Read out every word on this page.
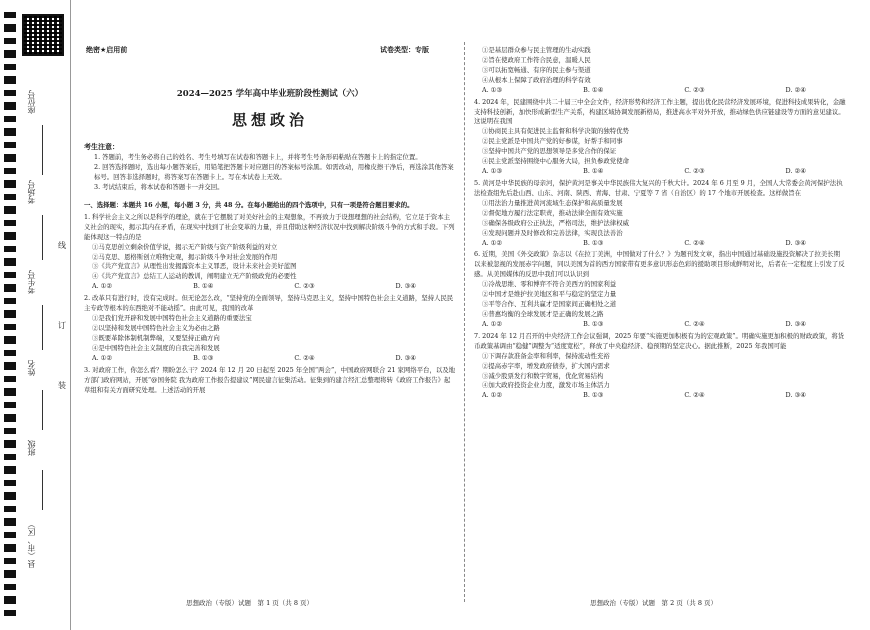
座位号
考场号
考生号
姓名
班级
县（市、区）
线
订
装
绝密★启用前	试卷类型：专版
2024—2025 学年高中毕业班阶段性测试（六）
思想政治
考生注意：
1. 答题前，考生务必将自己的姓名、考生号填写在试卷和答题卡上，并将考生号条形码粘贴在答题卡上的指定位置。
2. 回答选择题时，选出每小题答案后，用铅笔把答题卡对应题目的答案标号涂黑。如需改动，用橡皮擦干净后，再选涂其他答案标号。回答非选择题时，将答案写在答题卡上。写在本试卷上无效。
3. 考试结束后，将本试卷和答题卡一并交回。
一、选择题：本题共 16 小题，每小题 3 分，共 48 分。在每小题给出的四个选项中，只有一项是符合题目要求的。
1. 科学社会主义之所以是科学的理论，就在于它摆脱了对美好社会的主观想象，不再致力于设想理想的社会结构，它立足于资本主义社会的现实，揭示其内在矛盾，在现实中找到了社会变革的力量，并且借助这种经济状况中找到解决阶级斗争的方式和手段。下列能体现这一特点的是
①马克思创立剩余价值学说，揭示无产阶级与资产阶级利益的对立
②马克思、恩格斯创立唯物史观，揭示阶级斗争对社会发展的作用
③《共产党宣言》从理性出发揭露资本主义罪恶，设计未来社会美好蓝图
④《共产党宣言》总结工人运动的教训，阐明建立无产阶级政党的必要性
A. ①②	B. ①④	C. ②③	D. ③④
2. 改革只有进行时，没有完成时。但无论怎么改，“坚持党的全面领导，坚持马克思主义，坚持中国特色社会主义道路，坚持人民民主专政等根本的东西绝对不能动摇”。由此可见，我国的改革
①是我们党开辟和发展中国特色社会主义道路的重要法宝
②以坚持和发展中国特色社会主义为必由之路
③既要革除体制机制弊端，又要坚持正确方向
④是中国特色社会主义制度的自我完善和发展
A. ①②	B. ①③	C. ②④	D. ③④
3. 对政府工作，你怎么看？期盼怎么干？2024 年 12 月 20 日起至 2025 年全国“两会”，中国政府网联合 21 家网络平台，以及地方部门政府网站，开展“@国务院 我为政府工作报告提建议”网民建言征集活动。征集到的建言经汇总整理将转《政府工作报告》起草组和有关方面研究处理。上述活动的开展
①是基层群众参与民主管理的生动实践
②旨在使政府工作符合民意，温暖人民
③可以拓宽畅通、有序的民主参与渠道
④从根本上保障了政府治理的科学有效
A. ①③	B. ①④	C. ②③	D. ②④
4. 2024 年，民建围绕中共二十届三中全会文件，经济形势和经济工作主题，提出优化民营经济发展环境，促进科技成果转化，金融支持科技创新，加快形成新型生产关系，构建区域协调发展新格局，推进高水平对外开放，推动绿色供应链建设等方面的意见建议。这说明在我国
①协商民主具有促进民主监督和科学决策的独特优势
②民主党派是中国共产党的好参谋，好帮手和同事
③坚持中国共产党的思想领导是多党合作的保证
④民主党派坚持围绕中心服务大局，担负参政党使命
A. ①③	B. ①④	C. ②③	D. ②④
5. 黄河是中华民族的母亲河，保护黄河是事关中华民族伟大复兴的千秋大计。2024 年 6 月至 9 月，全国人大常委会黄河保护法执法检查组先后赴山西、山东、河南、陕西、青海、甘肃、宁夏等 7 省（自治区）的 17 个地市开展检查。这样做旨在
①用法治力量推进黄河流域生态保护和高质量发展
②督促地方履行法定职责，推动法律全面有效实施
③确保各级政府公正执法，严格司法，维护法律权威
④发现问题并及时修改和完善法律，实现良法善治
A. ①②	B. ①③	C. ②④	D. ③④
6. 近期，美国《外交政策》杂志以《在拉丁美洲，中国做对了什么？》为题刊发文章，指出中国通过基础设施投资解决了拉美长期以来被忽视的发展赤字问题，同以美国为首的西方国家带有更多意识形态色彩的援助项目形成鲜明对比，后者在一定程度上引发了反感。从美国媒体的反思中我们可以认识到
①冷战思维、零和博弈不符合美西方的国家利益
②中国才是维护拉美地区和平与稳定的坚定力量
③平等合作、互利共赢才是国家间正确相处之道
④普惠均衡的全球发展才是正确的发展之路
A. ①②	B. ①③	C. ②④	D. ③④
7. 2024 年 12 月召开的中央经济工作会议强调，2025 年要“实施更加积极有为的宏观政策”。明确实施更加积极的财政政策，将货币政策基调由“稳健”调整为“适度宽松”，释放了中央稳经济、稳预期的坚定决心。据此推断，2025 年我国可能
①下调存款准备金率和利率，保持流动性充裕
②提高赤字率，增发政府债券，扩大国内需求
③减少股票发行和数字贸易，优化贸易结构
④加大政府投资企业力度，激发市场主体活力
A. ①②	B. ①③	C. ②④	D. ③④
思想政治（专版）试题　第 1 页（共 8 页）	思想政治（专版）试题　第 2 页（共 8 页）
